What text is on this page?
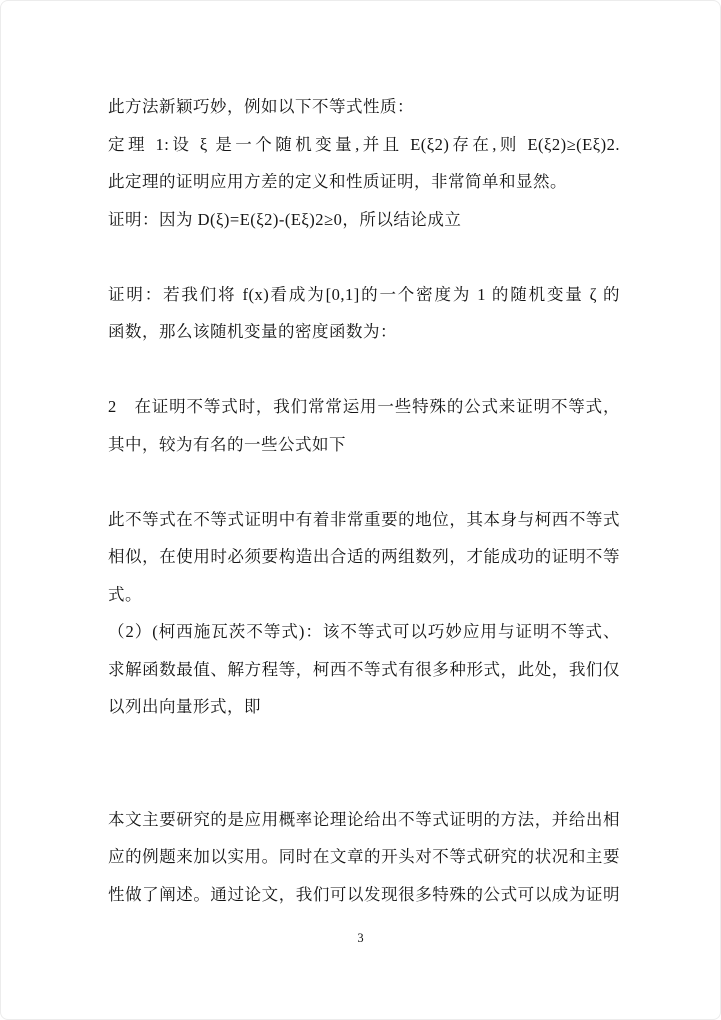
此方法新颖巧妙，例如以下不等式性质：
定理 1:设 ξ 是一个随机变量,并且 E(ξ2)存在,则 E(ξ2)≥(Eξ)2.
此定理的证明应用方差的定义和性质证明，非常简单和显然。
证明：因为 D(ξ)=E(ξ2)-(Eξ)2≥0，所以结论成立

证明：若我们将 f(x)看成为[0,1]的一个密度为 1 的随机变量 ζ 的
函数，那么该随机变量的密度函数为：

2　在证明不等式时，我们常常运用一些特殊的公式来证明不等式，
其中，较为有名的一些公式如下

此不等式在不等式证明中有着非常重要的地位，其本身与柯西不等式
相似，在使用时必须要构造出合适的两组数列，才能成功的证明不等
式。

（2）(柯西施瓦茨不等式)：该不等式可以巧妙应用与证明不等式、
求解函数最值、解方程等，柯西不等式有很多种形式，此处，我们仅
以列出向量形式，即

本文主要研究的是应用概率论理论给出不等式证明的方法，并给出相
应的例题来加以实用。同时在文章的开头对不等式研究的状况和主要
性做了阐述。通过论文，我们可以发现很多特殊的公式可以成为证明

3
